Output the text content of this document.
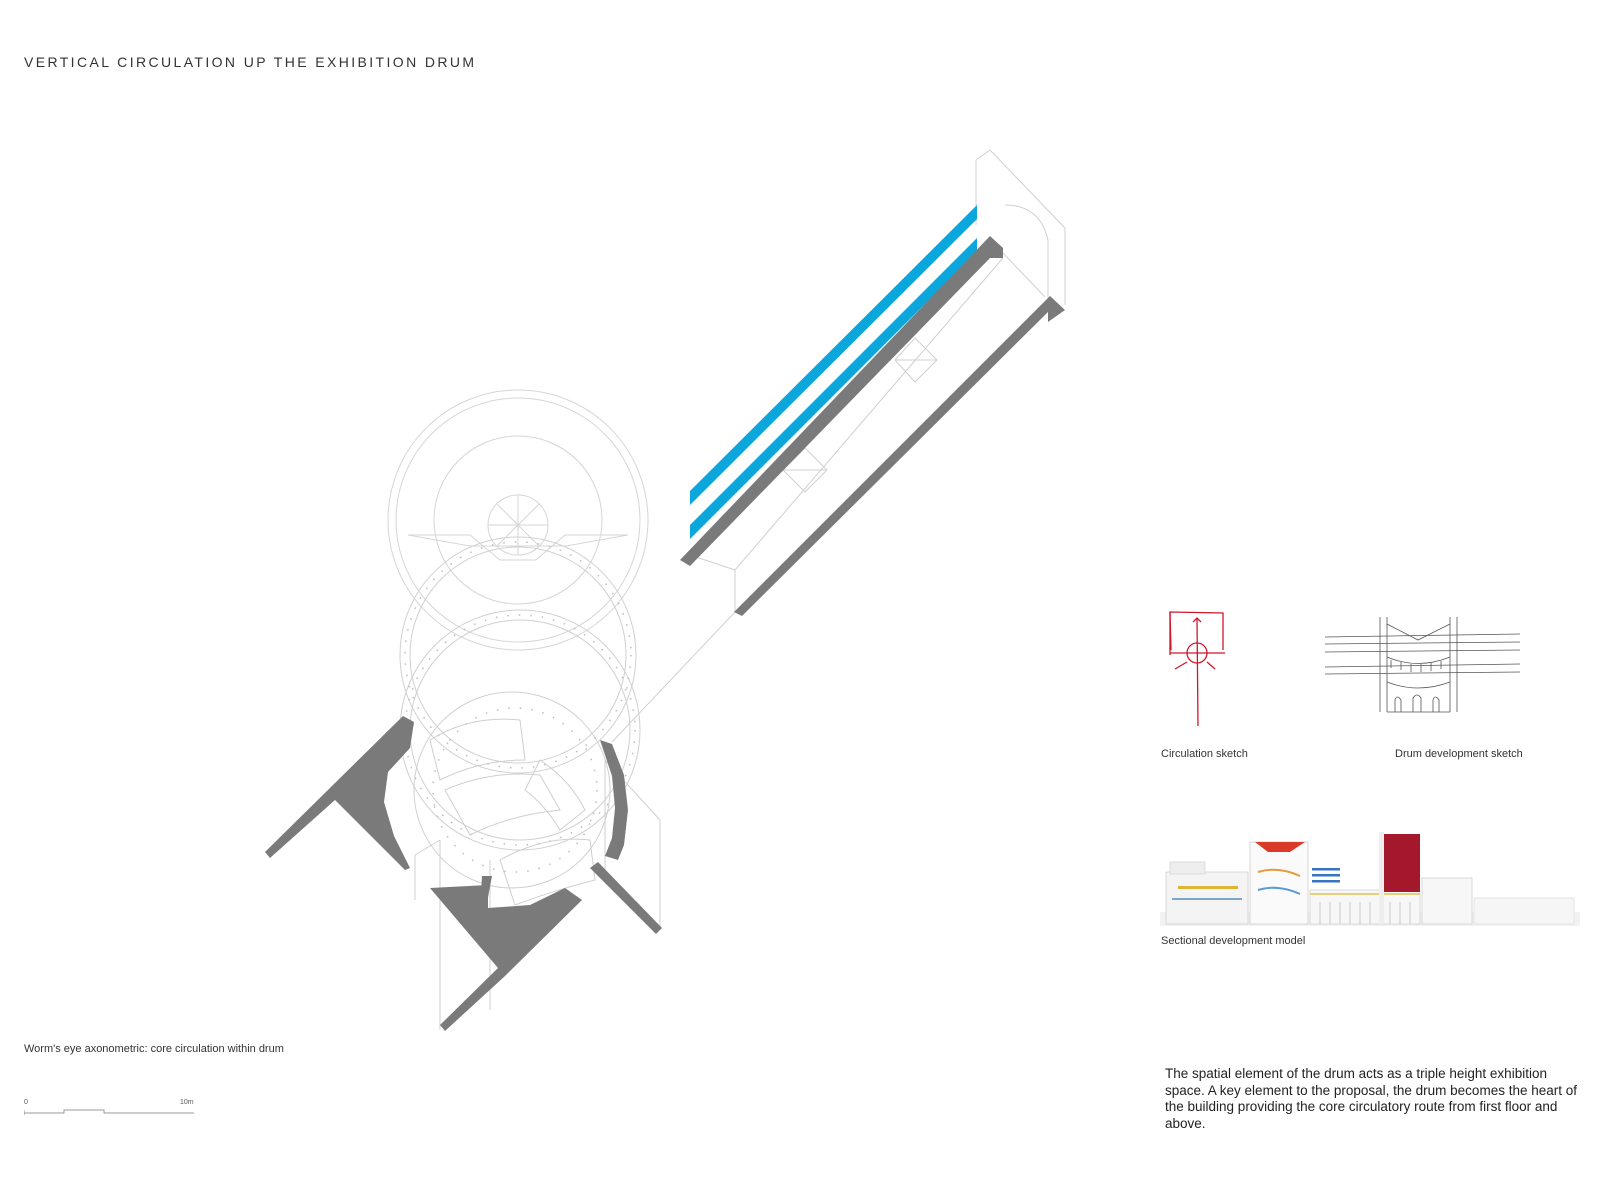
VERTICAL CIRCULATION UP THE EXHIBITION DRUM
Worm's eye axonometric: core circulation within drum
0	10m
Circulation sketch	Drum development sketch
Sectional development model
The spatial element of the drum acts as a triple height exhibition space. A key element to the proposal, the drum becomes the heart of the building providing the core circulatory route from first floor and above.
